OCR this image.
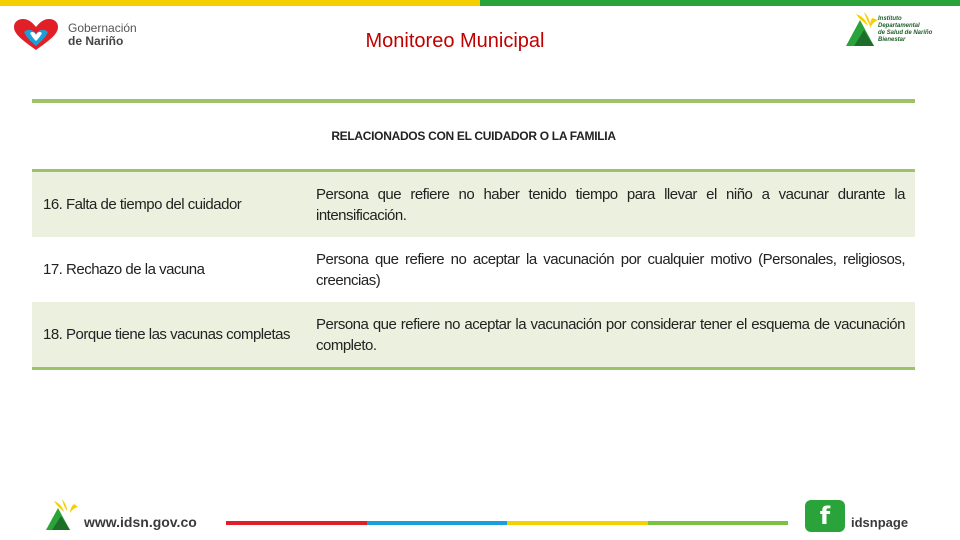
Gobernación
de Nariño	Monitoreo Municipal
Instituto
Departamental
de Salud de Nariño
Bienestar
RELACIONADOS CON EL CUIDADOR O LA FAMILIA
16. Falta de tiempo del cuidador
Persona que refiere no haber tenido tiempo para llevar el niño a vacunar durante la intensificación.
17. Rechazo de la vacuna
Persona que refiere no aceptar la vacunación por cualquier motivo (Personales, religiosos, creencias)
18. Porque tiene las vacunas completas
Persona que refiere no aceptar la vacunación por considerar tener el esquema de vacunación completo.
www.idsn.gov.co	f idsnpage
